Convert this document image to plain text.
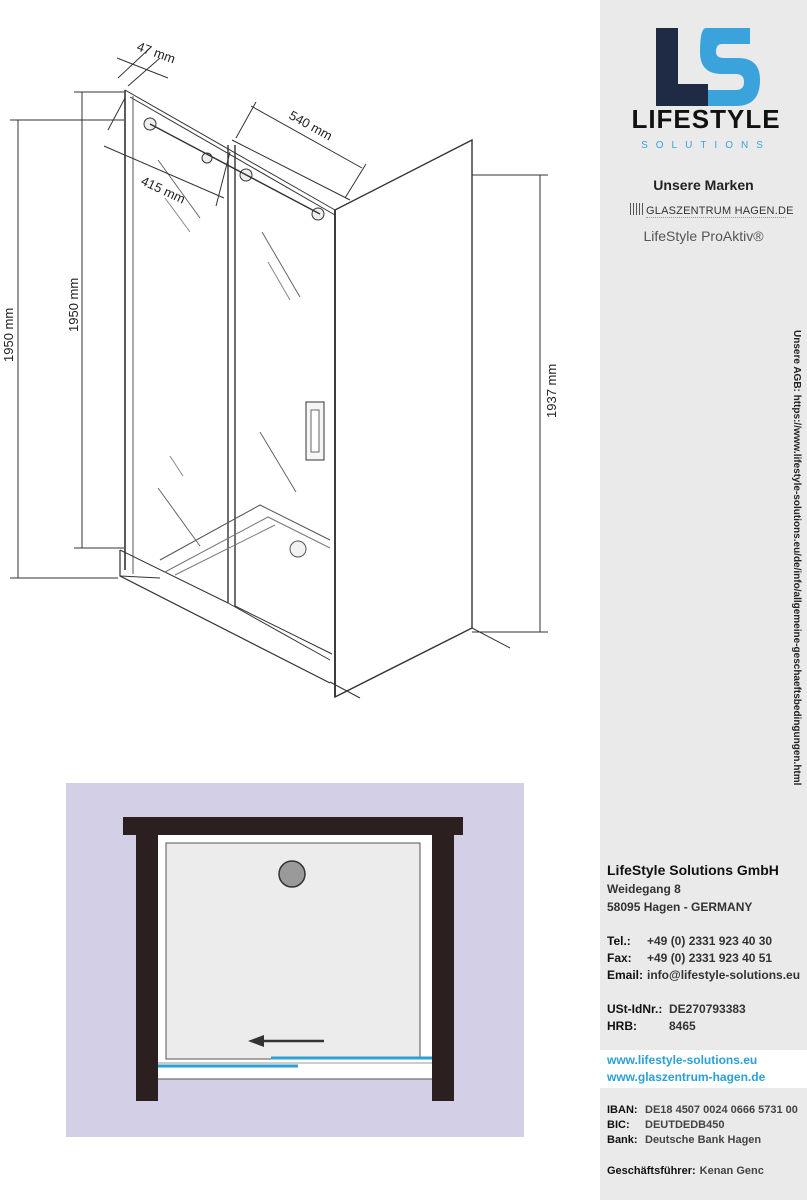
47 mm
540 mm
415 mm
1950 mm
1950 mm
1937 mm
LIFESTYLE
SOLUTIONS
Unsere Marken
GLASZENTRUM HAGEN.DE
LifeStyle ProAktiv®
Unsere AGB: https://www.lifestyle-solutions.eu/de/info/allgemeine-geschaeftsbedingungen.html
LifeStyle Solutions GmbH
Weidegang 8
58095 Hagen - GERMANY
Tel.: +49 (0) 2331 923 40 30
Fax: +49 (0) 2331 923 40 51
Email: info@lifestyle-solutions.eu
USt-IdNr.: DE270793383
HRB:	8465
www.lifestyle-solutions.eu
www.glaszentrum-hagen.de
IBAN: DE18 4507 0024 0666 5731 00
BIC: DEUTDEDB450
Bank: Deutsche Bank Hagen
Geschäftsführer: Kenan Genc
